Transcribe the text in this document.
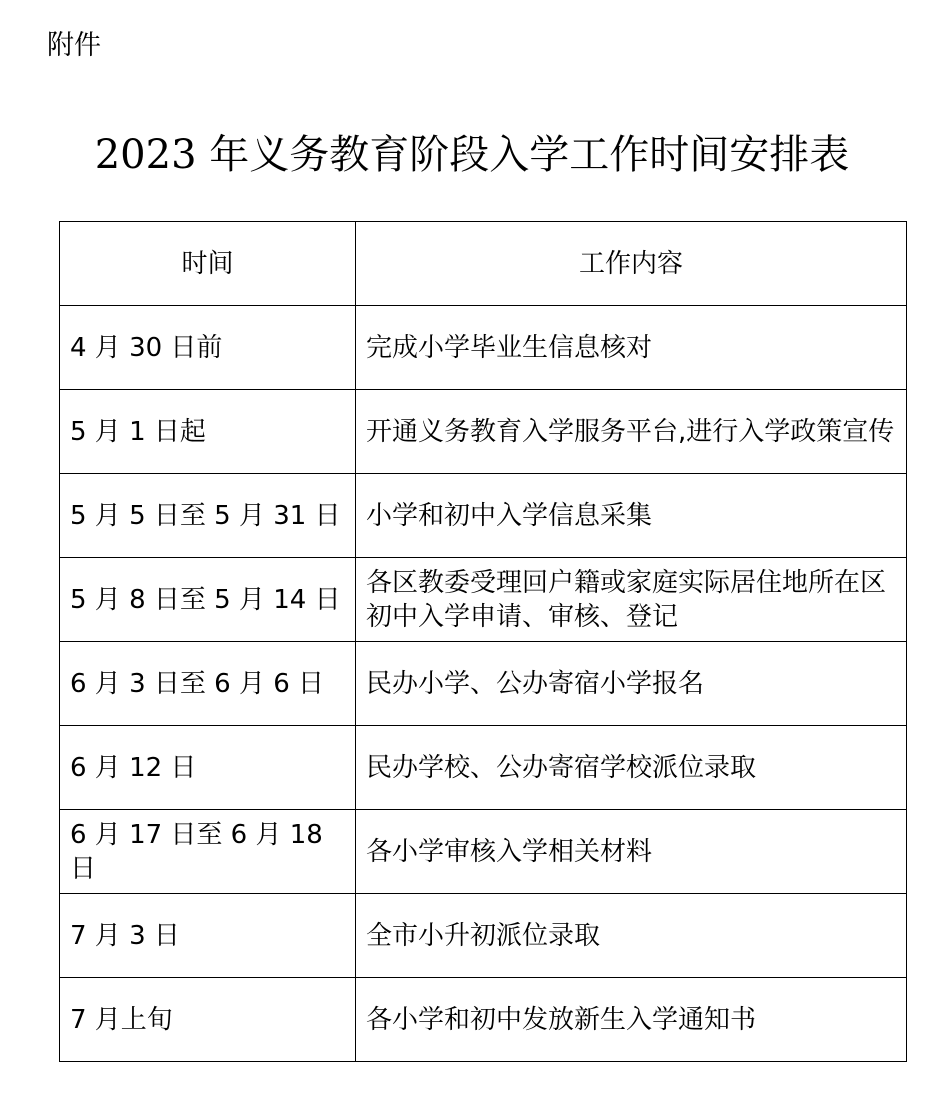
附件
2023 年义务教育阶段入学工作时间安排表
时间	工作内容
4 月 30 日前	完成小学毕业生信息核对
5 月 1 日起	开通义务教育入学服务平台,进行入学政策宣传
5 月 5 日至 5 月 31 日	小学和初中入学信息采集
5 月 8 日至 5 月 14 日	各区教委受理回户籍或家庭实际居住地所在区初中入学申请、审核、登记
6 月 3 日至 6 月 6 日	民办小学、公办寄宿小学报名
6 月 12 日	民办学校、公办寄宿学校派位录取
6 月 17 日至 6 月 18 日	各小学审核入学相关材料
7 月 3 日	全市小升初派位录取
7 月上旬	各小学和初中发放新生入学通知书
